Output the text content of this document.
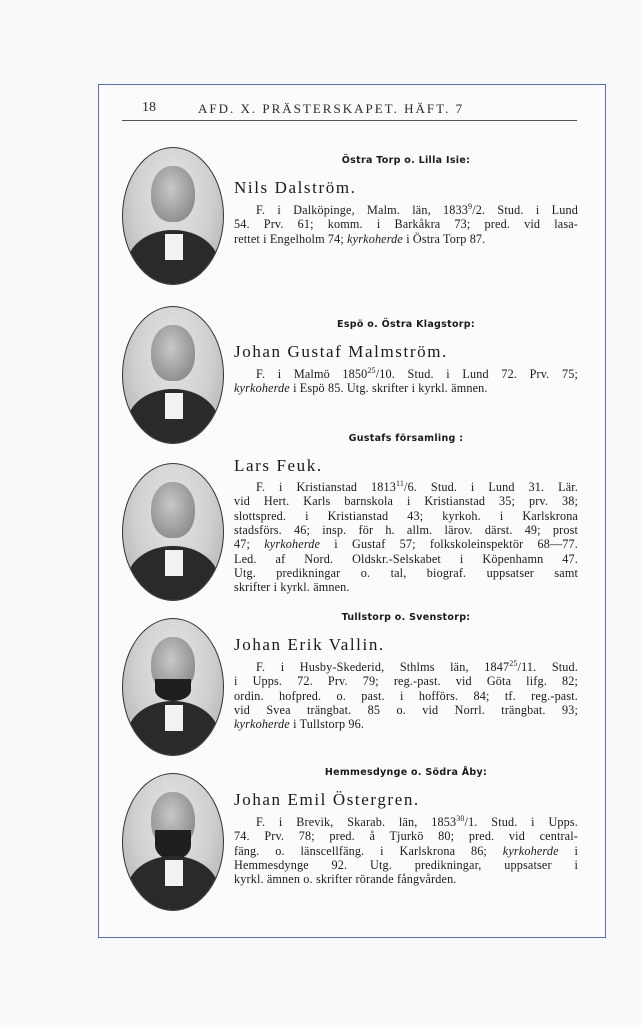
18	AFD. X. PRÄSTERSKAPET. HÄFT. 7
Östra Torp o. Lilla Isie:
Nils Dalström.
F. i Dalköpinge, Malm. län, 1833$^9$/2. Stud. i Lund
54. Prv. 61; komm. i Barkåkra 73; pred. vid lasa-
rettet i Engelholm 74; kyrkoherde i Östra Torp 87.
Espö o. Östra Klagstorp:
Johan Gustaf Malmström.
F. i Malmö 1850$^{25}$/10. Stud. i Lund 72. Prv. 75;
kyrkoherde i Espö 85. Utg. skrifter i kyrkl. ämnen.
Gustafs församling :
Lars Feuk.
F. i Kristianstad 1813$^{11}$/6. Stud. i Lund 31. Lär.
vid Hert. Karls barnskola i Kristianstad 35; prv. 38;
slottspred. i Kristianstad 43; kyrkoh. i Karlskrona
stadsförs. 46; insp. för h. allm. lärov. därst. 49; prost
47; kyrkoherde i Gustaf 57; folkskoleinspektör 68—77.
Led. af Nord. Oldskr.-Selskabet i Köpenhamn 47.
Utg. predikningar o. tal, biograf. uppsatser samt
skrifter i kyrkl. ämnen.
Tullstorp o. Svenstorp:
Johan Erik Vallin.
F. i Husby-Skederid, Sthlms län, 1847$^{25}$/11. Stud.
i Upps. 72. Prv. 79; reg.-past. vid Göta lifg. 82;
ordin. hofpred. o. past. i hofförs. 84; tf. reg.-past.
vid Svea trängbat. 85 o. vid Norrl. trängbat. 93;
kyrkoherde i Tullstorp 96.
Hemmesdynge o. Södra Åby:
Johan Emil Östergren.
F. i Brevik, Skarab. län, 1853$^{30}$/1. Stud. i Upps.
74. Prv. 78; pred. å Tjurkö 80; pred. vid central-
fäng. o. länscellfäng. i Karlskrona 86; kyrkoherde i
Hemmesdynge 92. Utg. predikningar, uppsatser i
kyrkl. ämnen o. skrifter rörande fångvården.
